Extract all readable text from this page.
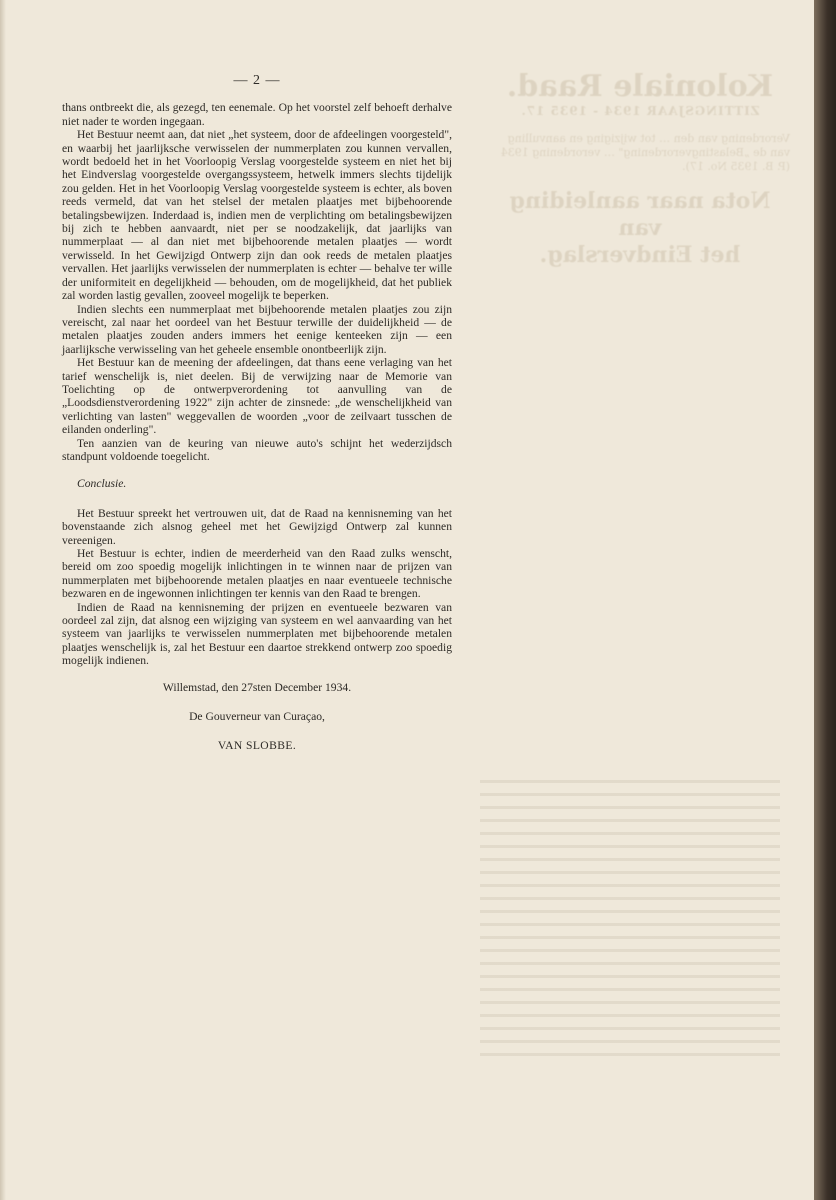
Koloniale Raad.
ZITTINGSJAAR 1934 - 1935 17.
Verordening van den … tot wijziging en aanvulling van de „Belastingverordening" … verordening 1934 (P. B. 1935 No. 17).
Nota naar aanleiding van
het Eindverslag.
— 2 —

thans ontbreekt die, als gezegd, ten eenemale. Op het voorstel zelf behoeft derhalve niet nader te worden ingegaan.

Het Bestuur neemt aan, dat niet „het systeem, door de afdeelingen voorgesteld", en waarbij het jaarlijksche verwisselen der nummerplaten zou kunnen vervallen, wordt bedoeld het in het Voorloopig Verslag voorgestelde systeem en niet het bij het Eindverslag voorgestelde overgangssysteem, hetwelk immers slechts tijdelijk zou gelden. Het in het Voorloopig Verslag voorgestelde systeem is echter, als boven reeds vermeld, dat van het stelsel der metalen plaatjes met bijbehoorende betalingsbewijzen. Inderdaad is, indien men de verplichting om betalingsbewijzen bij zich te hebben aanvaardt, niet per se noodzakelijk, dat jaarlijks van nummerplaat — al dan niet met bijbehoorende metalen plaatjes — wordt verwisseld. In het Gewijzigd Ontwerp zijn dan ook reeds de metalen plaatjes vervallen. Het jaarlijks verwisselen der nummerplaten is echter — behalve ter wille der uniformiteit en degelijkheid — behouden, om de mogelijkheid, dat het publiek zal worden lastig gevallen, zooveel mogelijk te beperken.

Indien slechts een nummerplaat met bijbehoorende metalen plaatjes zou zijn vereischt, zal naar het oordeel van het Bestuur terwille der duidelijkheid — de metalen plaatjes zouden anders immers het eenige kenteeken zijn — een jaarlijksche verwisseling van het geheele ensemble onontbeerlijk zijn.

Het Bestuur kan de meening der afdeelingen, dat thans eene verlaging van het tarief wenschelijk is, niet deelen. Bij de verwijzing naar de Memorie van Toelichting op de ontwerpverordening tot aanvulling van de „Loodsdienstverordening 1922" zijn achter de zinsnede: „de wenschelijkheid van verlichting van lasten" weggevallen de woorden „voor de zeilvaart tusschen de eilanden onderling".

Ten aanzien van de keuring van nieuwe auto's schijnt het wederzijdsch standpunt voldoende toegelicht.

Conclusie.

Het Bestuur spreekt het vertrouwen uit, dat de Raad na kennisneming van het bovenstaande zich alsnog geheel met het Gewijzigd Ontwerp zal kunnen vereenigen.

Het Bestuur is echter, indien de meerderheid van den Raad zulks wenscht, bereid om zoo spoedig mogelijk inlichtingen in te winnen naar de prijzen van nummerplaten met bijbehoorende metalen plaatjes en naar eventueele technische bezwaren en de ingewonnen inlichtingen ter kennis van den Raad te brengen.

Indien de Raad na kennisneming der prijzen en eventueele bezwaren van oordeel zal zijn, dat alsnog een wijziging van systeem en wel aanvaarding van het systeem van jaarlijks te verwisselen nummerplaten met bijbehoorende metalen plaatjes wenschelijk is, zal het Bestuur een daartoe strekkend ontwerp zoo spoedig mogelijk indienen.

Willemstad, den 27sten December 1934.
De Gouverneur van Curaçao,
VAN SLOBBE.
